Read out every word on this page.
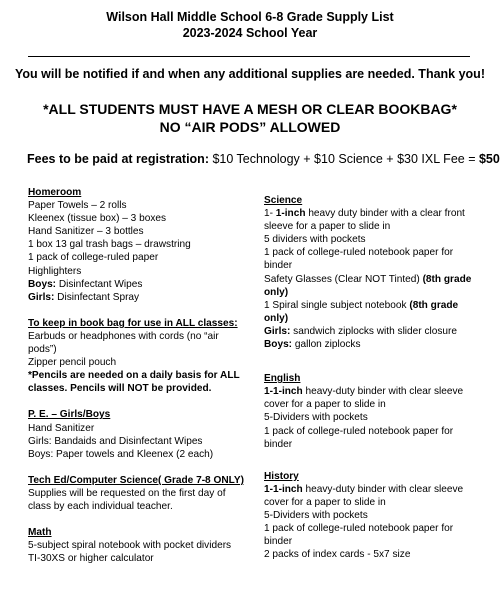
Wilson Hall Middle School 6-8 Grade Supply List
2023-2024 School Year
You will be notified if and when any additional supplies are needed. Thank you!
*ALL STUDENTS MUST HAVE A MESH OR CLEAR BOOKBAG*
NO “AIR PODS” ALLOWED
Fees to be paid at registration: $10 Technology + $10 Science + $30 IXL Fee = $50
Homeroom
Paper Towels – 2 rolls
Kleenex (tissue box) – 3 boxes
Hand Sanitizer – 3 bottles
1 box 13 gal trash bags – drawstring
1 pack of college-ruled paper
Highlighters
Boys: Disinfectant Wipes
Girls: Disinfectant Spray
To keep in book bag for use in ALL classes:
Earbuds or headphones with cords (no “air pods”)
Zipper pencil pouch
*Pencils are needed on a daily basis for ALL classes. Pencils will NOT be provided.
P. E. – Girls/Boys
Hand Sanitizer
Girls: Bandaids and Disinfectant Wipes
Boys: Paper towels and Kleenex (2 each)
Tech Ed/Computer Science( Grade 7-8 ONLY)
Supplies will be requested on the first day of class by each individual teacher.
Math
5-subject spiral notebook with pocket dividers
TI-30XS or higher calculator
Science
1- 1-inch heavy duty binder with a clear front sleeve for a paper to slide in
5 dividers with pockets
1 pack of college-ruled notebook paper for binder
Safety Glasses (Clear NOT Tinted) (8th grade only)
1 Spiral single subject notebook (8th grade only)
Girls: sandwich ziplocks with slider closure
Boys: gallon ziplocks
English
1-1-inch heavy-duty binder with clear sleeve cover for a paper to slide in
5-Dividers with pockets
1 pack of college-ruled notebook paper for binder
History
1-1-inch heavy-duty binder with clear sleeve cover for a paper to slide in
5-Dividers with pockets
1 pack of college-ruled notebook paper for binder
2 packs of index cards - 5x7 size
